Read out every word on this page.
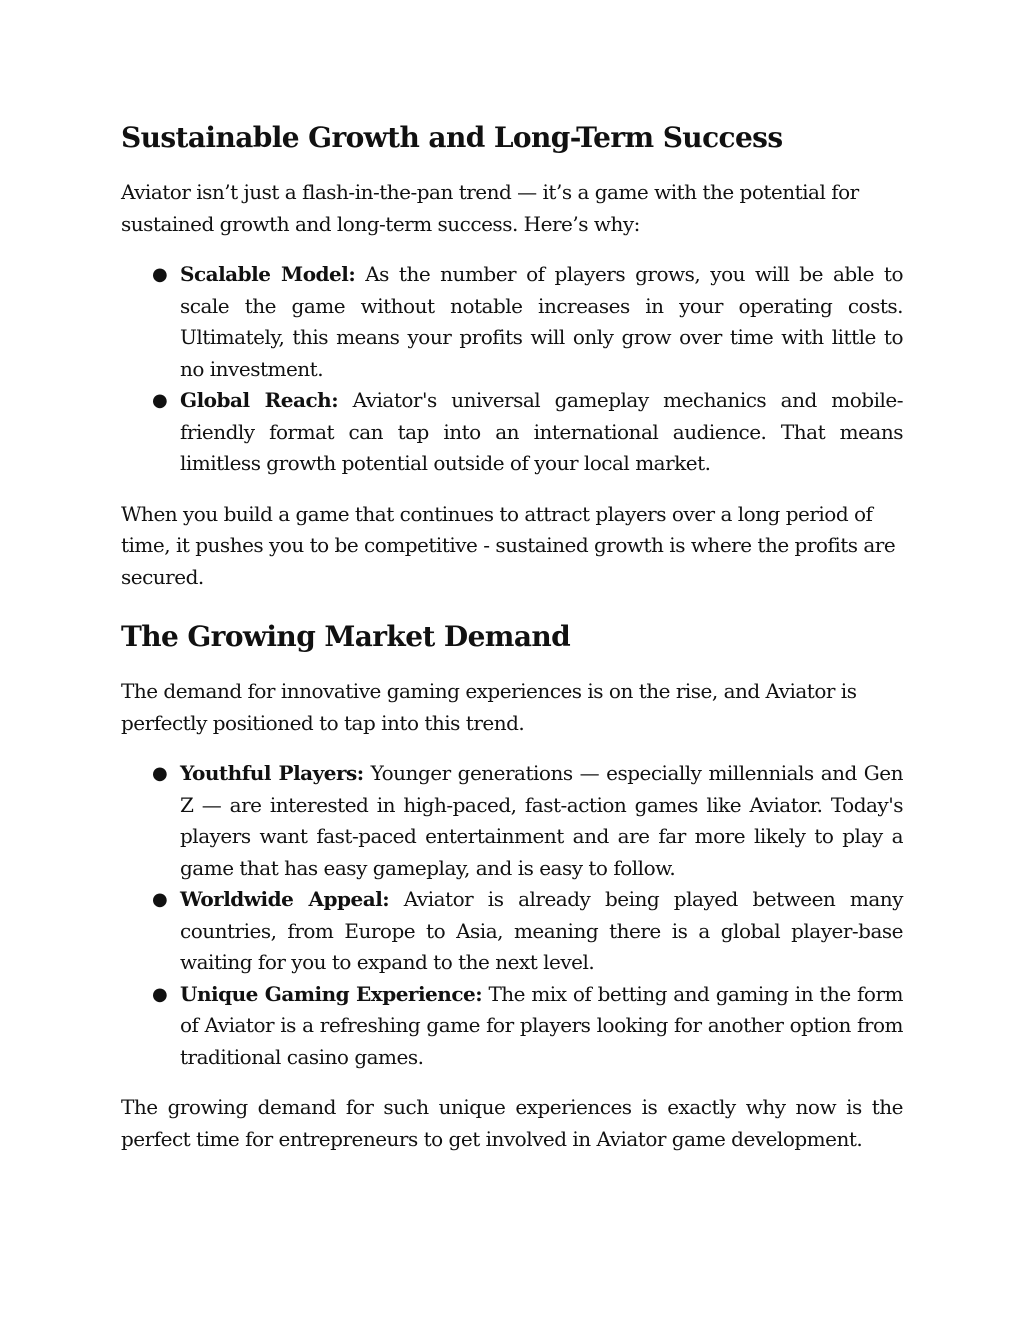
Sustainable Growth and Long-Term Success

Aviator isn’t just a flash-in-the-pan trend — it’s a game with the potential for sustained growth and long-term success. Here’s why:

● Scalable Model: As the number of players grows, you will be able to scale the game without notable increases in your operating costs. Ultimately, this means your profits will only grow over time with little to no investment.
● Global Reach: Aviator's universal gameplay mechanics and mobile-friendly format can tap into an international audience. That means limitless growth potential outside of your local market.

When you build a game that continues to attract players over a long period of time, it pushes you to be competitive - sustained growth is where the profits are secured.

The Growing Market Demand

The demand for innovative gaming experiences is on the rise, and Aviator is perfectly positioned to tap into this trend.

● Youthful Players: Younger generations — especially millennials and Gen Z — are interested in high-paced, fast-action games like Aviator. Today's players want fast-paced entertainment and are far more likely to play a game that has easy gameplay, and is easy to follow.
● Worldwide Appeal: Aviator is already being played between many countries, from Europe to Asia, meaning there is a global player-base waiting for you to expand to the next level.
● Unique Gaming Experience: The mix of betting and gaming in the form of Aviator is a refreshing game for players looking for another option from traditional casino games.

The growing demand for such unique experiences is exactly why now is the perfect time for entrepreneurs to get involved in Aviator game development.
